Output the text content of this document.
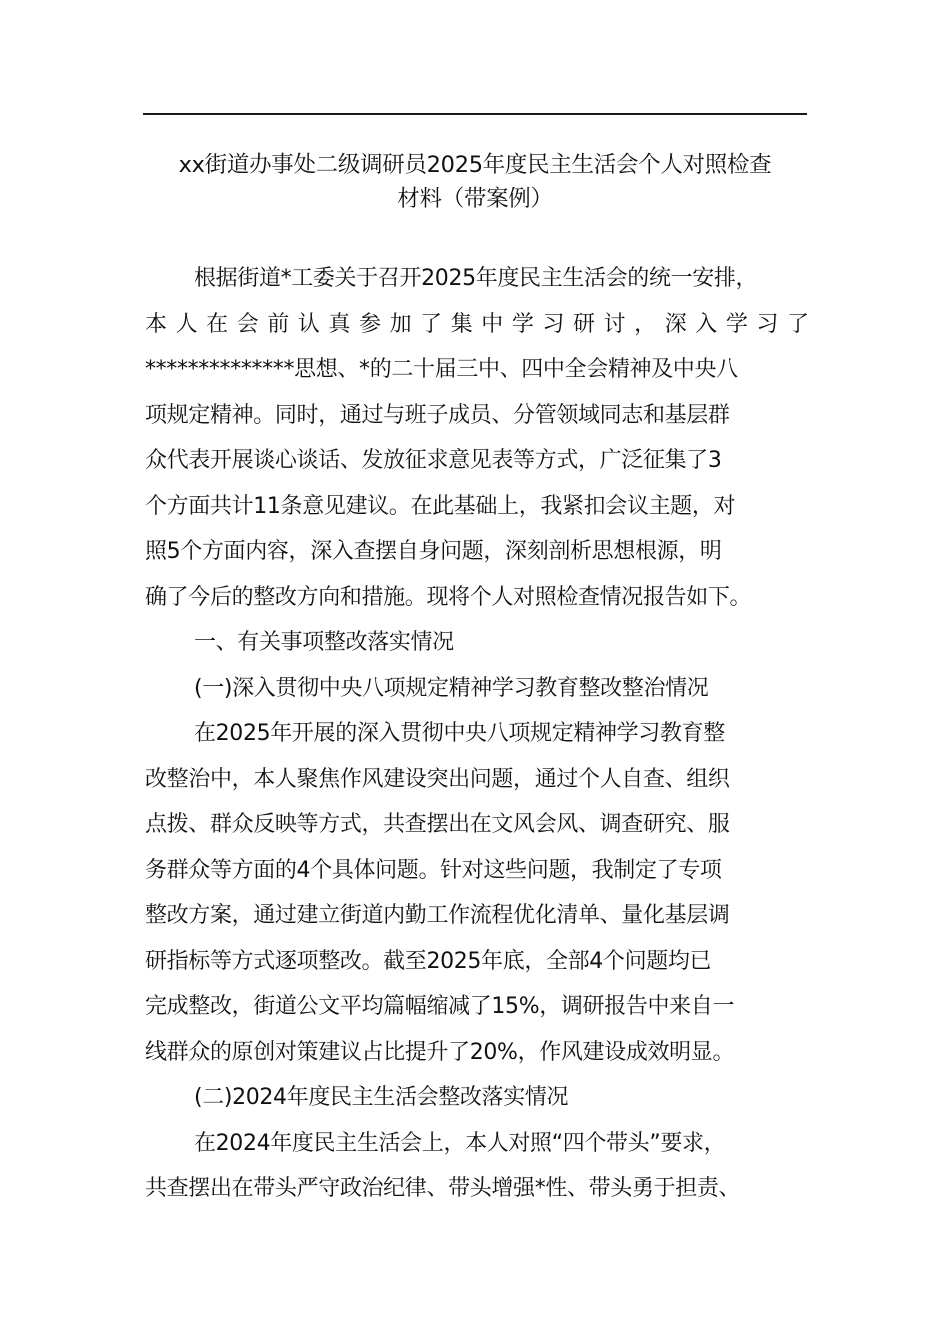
xx街道办事处二级调研员2025年度民主生活会个人对照检查
材料（带案例）
根据街道*工委关于召开2025年度民主生活会的统一安排，
本人在会前认真参加了集中学习研讨，深入学习了
**************思想、*的二十届三中、四中全会精神及中央八
项规定精神。同时，通过与班子成员、分管领域同志和基层群
众代表开展谈心谈话、发放征求意见表等方式，广泛征集了3
个方面共计11条意见建议。在此基础上，我紧扣会议主题，对
照5个方面内容，深入查摆自身问题，深刻剖析思想根源，明
确了今后的整改方向和措施。现将个人对照检查情况报告如下。
一、有关事项整改落实情况
(一)深入贯彻中央八项规定精神学习教育整改整治情况
在2025年开展的深入贯彻中央八项规定精神学习教育整
改整治中，本人聚焦作风建设突出问题，通过个人自查、组织
点拨、群众反映等方式，共查摆出在文风会风、调查研究、服
务群众等方面的4个具体问题。针对这些问题，我制定了专项
整改方案，通过建立街道内勤工作流程优化清单、量化基层调
研指标等方式逐项整改。截至2025年底，全部4个问题均已
完成整改，街道公文平均篇幅缩减了15%，调研报告中来自一
线群众的原创对策建议占比提升了20%，作风建设成效明显。
(二)2024年度民主生活会整改落实情况
在2024年度民主生活会上，本人对照“四个带头”要求，
共查摆出在带头严守政治纪律、带头增强*性、带头勇于担责、
